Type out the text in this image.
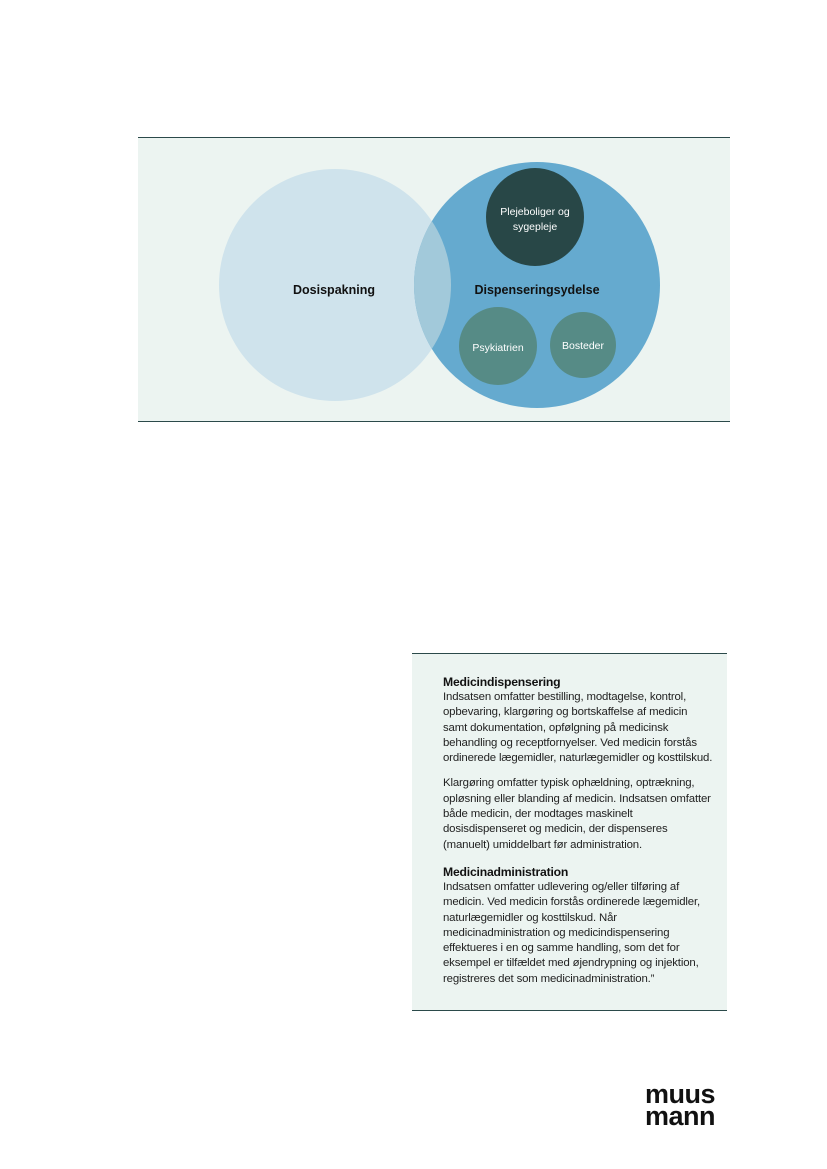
Dosispakning	Dispenseringsydelse
Plejeboliger og
sygepleje
Psykiatrien	Bosteder
Medicindispensering

Indsatsen omfatter bestilling, modtagelse, kontrol, opbevaring, klargøring og bortskaffelse af medicin samt dokumentation, opfølgning på medicinsk behandling og receptfornyelser. Ved medicin forstås ordinerede lægemidler, naturlægemidler og kosttilskud.

Klargøring omfatter typisk ophældning, optrækning, opløsning eller blanding af medicin. Indsatsen omfatter både medicin, der modtages maskinelt dosisdispenseret og medicin, der dispenseres (manuelt) umiddelbart før administration.

Medicinadministration

Indsatsen omfatter udlevering og/eller tilføring af medicin. Ved medicin forstås ordinerede lægemidler, naturlægemidler og kosttilskud. Når medicinadministration og medicindispensering effektueres i en og samme handling, som det for eksempel er tilfældet med øjendrypning og injektion, registreres det som medicinadministration.”

muus
mann
